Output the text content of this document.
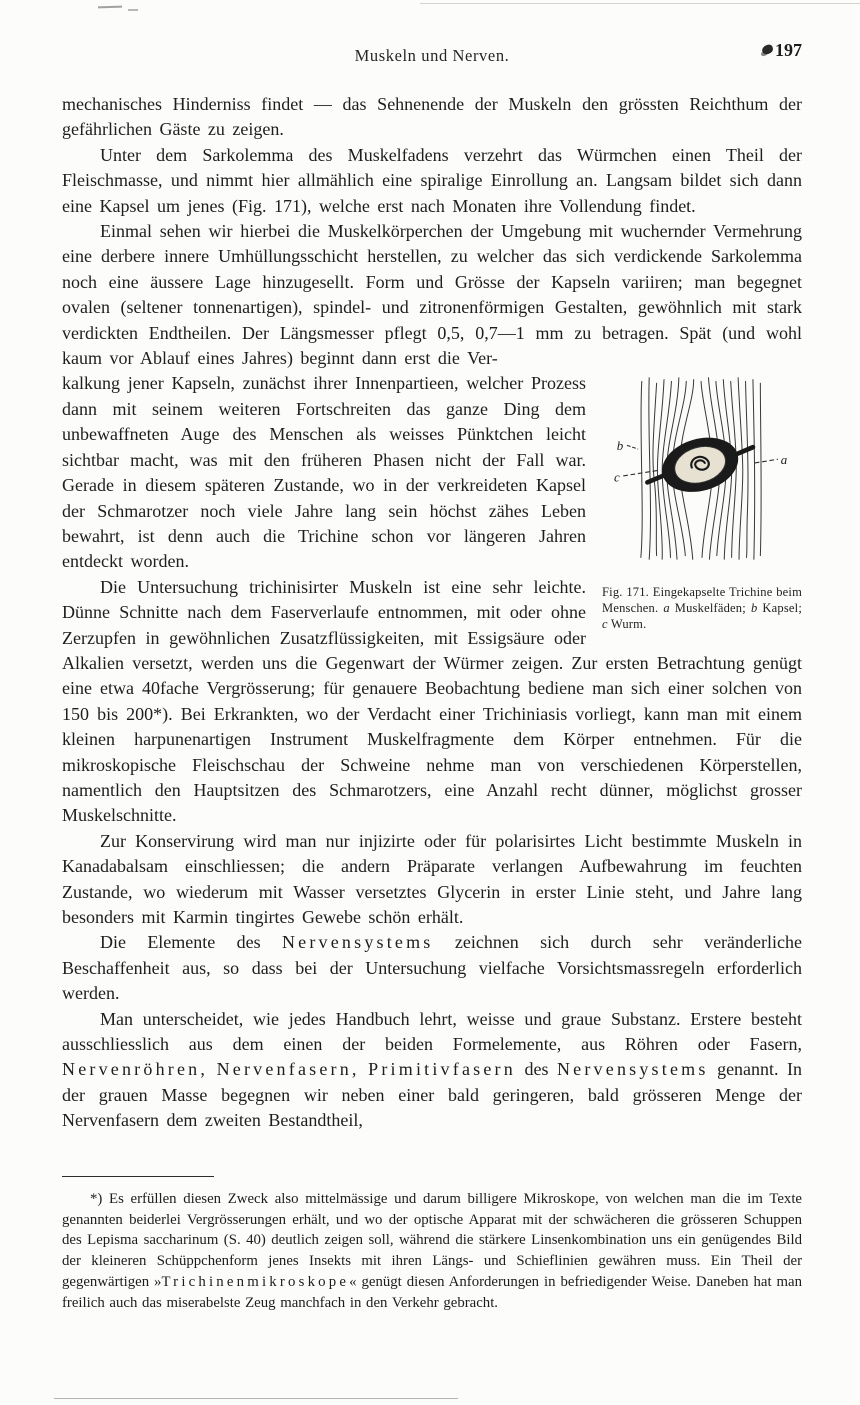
Muskeln und Nerven.	197

mechanisches Hinderniss findet — das Sehnenende der Muskeln den grössten Reichthum der gefährlichen Gäste zu zeigen.

Unter dem Sarkolemma des Muskelfadens verzehrt das Würmchen einen Theil der Fleischmasse, und nimmt hier allmählich eine spiralige Einrollung an. Langsam bildet sich dann eine Kapsel um jenes (Fig. 171), welche erst nach Monaten ihre Vollendung findet.

Einmal sehen wir hierbei die Muskelkörperchen der Umgebung mit wuchernder Vermehrung eine derbere innere Umhüllungsschicht herstellen, zu welcher das sich verdickende Sarkolemma noch eine äussere Lage hinzugesellt. Form und Grösse der Kapseln variiren; man begegnet ovalen (seltener tonnenartigen), spindel- und zitronenförmigen Gestalten, gewöhnlich mit stark verdickten Endtheilen. Der Längsmesser pflegt 0,5, 0,7—1 mm zu betragen. Spät (und wohl kaum vor Ablauf eines Jahres) beginnt dann erst die Ver-

b
c
a
Fig. 171. Eingekapselte Trichine beim Menschen. a Muskelfäden; b Kapsel; c Wurm.

kalkung jener Kapseln, zunächst ihrer Innenpartieen, welcher Prozess dann mit seinem weiteren Fortschreiten das ganze Ding dem unbewaffneten Auge des Menschen als weisses Pünktchen leicht sichtbar macht, was mit den früheren Phasen nicht der Fall war. Gerade in diesem späteren Zustande, wo in der verkreideten Kapsel der Schmarotzer noch viele Jahre lang sein höchst zähes Leben bewahrt, ist denn auch die Trichine schon vor längeren Jahren entdeckt worden.

Die Untersuchung trichinisirter Muskeln ist eine sehr leichte. Dünne Schnitte nach dem Faserverlaufe entnommen, mit oder ohne Zerzupfen in gewöhnlichen Zusatzflüssigkeiten, mit Essigsäure oder Alkalien versetzt, werden uns die Gegenwart der Würmer zeigen. Zur ersten Betrachtung genügt eine etwa 40fache Vergrösserung; für genauere Beobachtung bediene man sich einer solchen von 150 bis 200*). Bei Erkrankten, wo der Verdacht einer Trichiniasis vorliegt, kann man mit einem kleinen harpunenartigen Instrument Muskelfragmente dem Körper entnehmen. Für die mikroskopische Fleischschau der Schweine nehme man von verschiedenen Körperstellen, namentlich den Hauptsitzen des Schmarotzers, eine Anzahl recht dünner, möglichst grosser Muskelschnitte.

Zur Konservirung wird man nur injizirte oder für polarisirtes Licht bestimmte Muskeln in Kanadabalsam einschliessen; die andern Präparate verlangen Aufbewahrung im feuchten Zustande, wo wiederum mit Wasser versetztes Glycerin in erster Linie steht, und Jahre lang besonders mit Karmin tingirtes Gewebe schön erhält.

Die Elemente des Nervensystems zeichnen sich durch sehr veränderliche Beschaffenheit aus, so dass bei der Untersuchung vielfache Vorsichtsmassregeln erforderlich werden.

Man unterscheidet, wie jedes Handbuch lehrt, weisse und graue Substanz. Erstere besteht ausschliesslich aus dem einen der beiden Formelemente, aus Röhren oder Fasern, Nervenröhren, Nervenfasern, Primitivfasern des Nervensystems genannt. In der grauen Masse begegnen wir neben einer bald geringeren, bald grösseren Menge der Nervenfasern dem zweiten Bestandtheil,

*) Es erfüllen diesen Zweck also mittelmässige und darum billigere Mikroskope, von welchen man die im Texte genannten beiderlei Vergrösserungen erhält, und wo der optische Apparat mit der schwächeren die grösseren Schuppen des Lepisma saccharinum (S. 40) deutlich zeigen soll, während die stärkere Linsenkombination uns ein genügendes Bild der kleineren Schüppchenform jenes Insekts mit ihren Längs- und Schieflinien gewähren muss. Ein Theil der gegenwärtigen »Trichinenmikroskope« genügt diesen Anforderungen in befriedigender Weise. Daneben hat man freilich auch das miserabelste Zeug manchfach in den Verkehr gebracht.
